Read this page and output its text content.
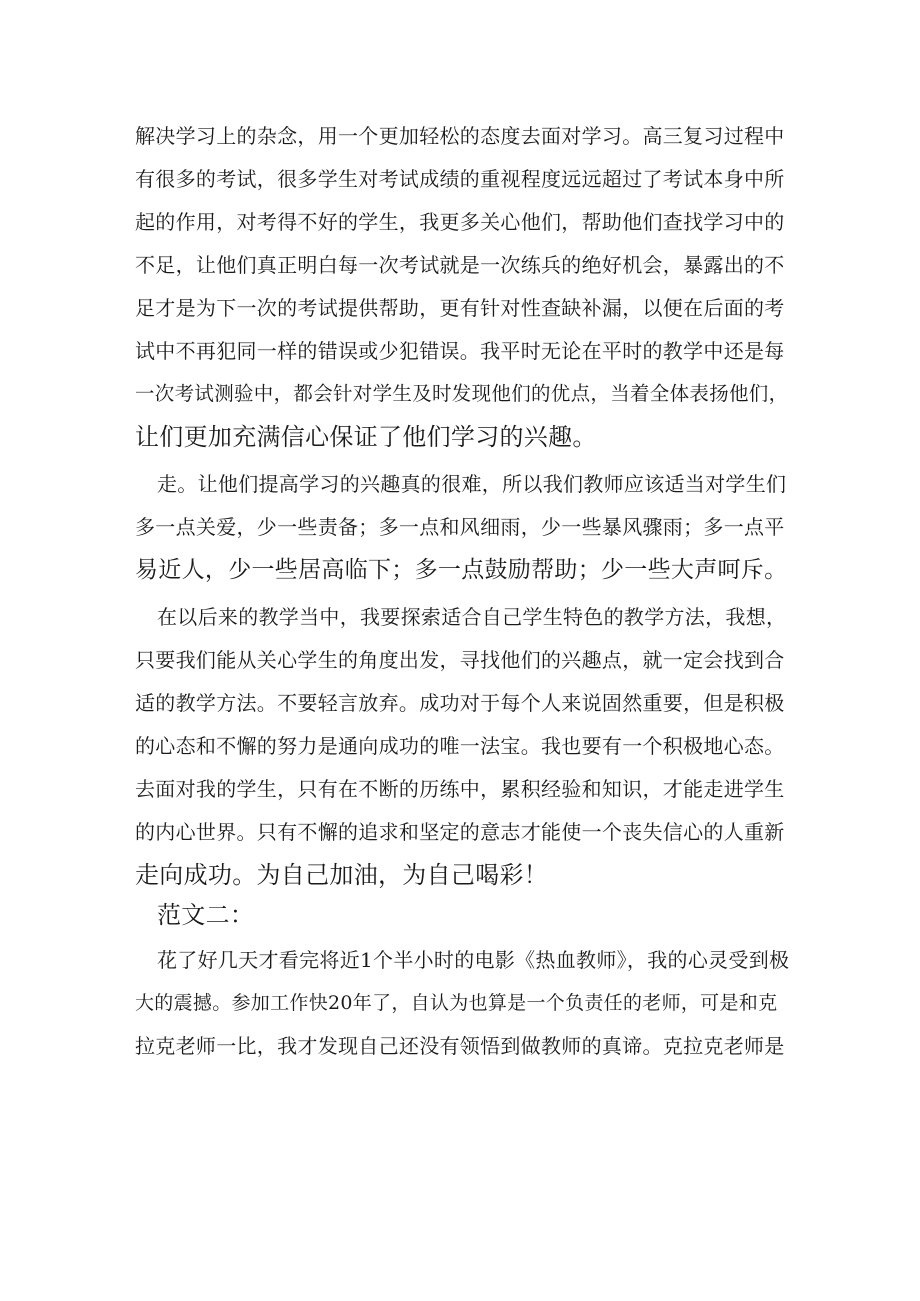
解决学习上的杂念，用一个更加轻松的态度去面对学习。高三复习过程中
有很多的考试，很多学生对考试成绩的重视程度远远超过了考试本身中所
起的作用，对考得不好的学生，我更多关心他们，帮助他们查找学习中的
不足，让他们真正明白每一次考试就是一次练兵的绝好机会，暴露出的不
足才是为下一次的考试提供帮助，更有针对性查缺补漏，以便在后面的考
试中不再犯同一样的错误或少犯错误。我平时无论在平时的教学中还是每
一次考试测验中，都会针对学生及时发现他们的优点，当着全体表扬他们，
让们更加充满信心保证了他们学习的兴趣。
走。让他们提高学习的兴趣真的很难，所以我们教师应该适当对学生们
多一点关爱，少一些责备；多一点和风细雨，少一些暴风骤雨；多一点平
易近人，少一些居高临下；多一点鼓励帮助；少一些大声呵斥。
在以后来的教学当中，我要探索适合自己学生特色的教学方法，我想，
只要我们能从关心学生的角度出发，寻找他们的兴趣点，就一定会找到合
适的教学方法。不要轻言放弃。成功对于每个人来说固然重要，但是积极
的心态和不懈的努力是通向成功的唯一法宝。我也要有一个积极地心态。
去面对我的学生，只有在不断的历练中，累积经验和知识，才能走进学生
的内心世界。只有不懈的追求和坚定的意志才能使一个丧失信心的人重新
走向成功。为自己加油，为自己喝彩！
范文二：
花了好几天才看完将近1个半小时的电影《热血教师》，我的心灵受到极
大的震撼。参加工作快20年了，自认为也算是一个负责任的老师，可是和克
拉克老师一比，我才发现自己还没有领悟到做教师的真谛。克拉克老师是
